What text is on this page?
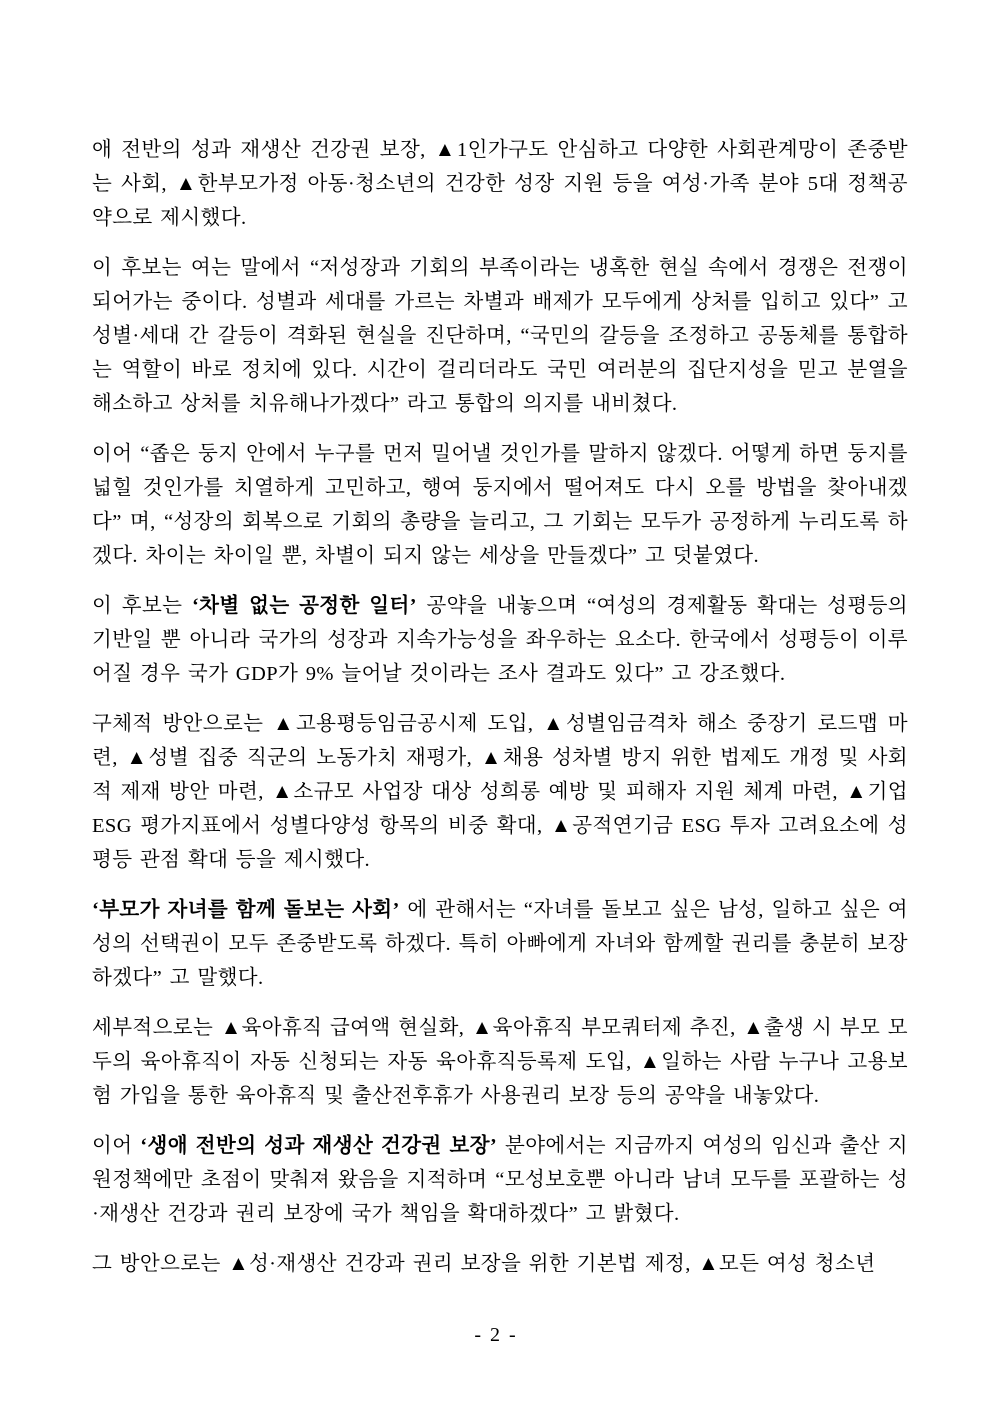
애 전반의 성과 재생산 건강권 보장, ▲1인가구도 안심하고 다양한 사회관계망이 존중받는 사회, ▲한부모가정 아동·청소년의 건강한 성장 지원 등을 여성·가족 분야 5대 정책공약으로 제시했다.
이 후보는 여는 말에서 “저성장과 기회의 부족이라는 냉혹한 현실 속에서 경쟁은 전쟁이 되어가는 중이다. 성별과 세대를 가르는 차별과 배제가 모두에게 상처를 입히고 있다” 고 성별·세대 간 갈등이 격화된 현실을 진단하며, “국민의 갈등을 조정하고 공동체를 통합하는 역할이 바로 정치에 있다. 시간이 걸리더라도 국민 여러분의 집단지성을 믿고 분열을 해소하고 상처를 치유해나가겠다” 라고 통합의 의지를 내비쳤다.
이어 “좁은 둥지 안에서 누구를 먼저 밀어낼 것인가를 말하지 않겠다. 어떻게 하면 둥지를 넓힐 것인가를 치열하게 고민하고, 행여 둥지에서 떨어져도 다시 오를 방법을 찾아내겠다” 며, “성장의 회복으로 기회의 총량을 늘리고, 그 기회는 모두가 공정하게 누리도록 하겠다. 차이는 차이일 뿐, 차별이 되지 않는 세상을 만들겠다” 고 덧붙였다.
이 후보는 ‘차별 없는 공정한 일터’ 공약을 내놓으며 “여성의 경제활동 확대는 성평등의 기반일 뿐 아니라 국가의 성장과 지속가능성을 좌우하는 요소다. 한국에서 성평등이 이루어질 경우 국가 GDP가 9% 늘어날 것이라는 조사 결과도 있다” 고 강조했다.
구체적 방안으로는 ▲고용평등임금공시제 도입, ▲성별임금격차 해소 중장기 로드맵 마련, ▲성별 집중 직군의 노동가치 재평가, ▲채용 성차별 방지 위한 법제도 개정 및 사회적 제재 방안 마련, ▲소규모 사업장 대상 성희롱 예방 및 피해자 지원 체계 마련, ▲기업 ESG 평가지표에서 성별다양성 항목의 비중 확대, ▲공적연기금 ESG 투자 고려요소에 성평등 관점 확대 등을 제시했다.
‘부모가 자녀를 함께 돌보는 사회’ 에 관해서는 “자녀를 돌보고 싶은 남성, 일하고 싶은 여성의 선택권이 모두 존중받도록 하겠다. 특히 아빠에게 자녀와 함께할 권리를 충분히 보장하겠다” 고 말했다.
세부적으로는 ▲육아휴직 급여액 현실화, ▲육아휴직 부모쿼터제 추진, ▲출생 시 부모 모두의 육아휴직이 자동 신청되는 자동 육아휴직등록제 도입, ▲일하는 사람 누구나 고용보험 가입을 통한 육아휴직 및 출산전후휴가 사용권리 보장 등의 공약을 내놓았다.
이어 ‘생애 전반의 성과 재생산 건강권 보장’ 분야에서는 지금까지 여성의 임신과 출산 지원정책에만 초점이 맞춰져 왔음을 지적하며 “모성보호뿐 아니라 남녀 모두를 포괄하는 성·재생산 건강과 권리 보장에 국가 책임을 확대하겠다” 고 밝혔다.
그 방안으로는 ▲성·재생산 건강과 권리 보장을 위한 기본법 제정, ▲모든 여성 청소년
- 2 -
